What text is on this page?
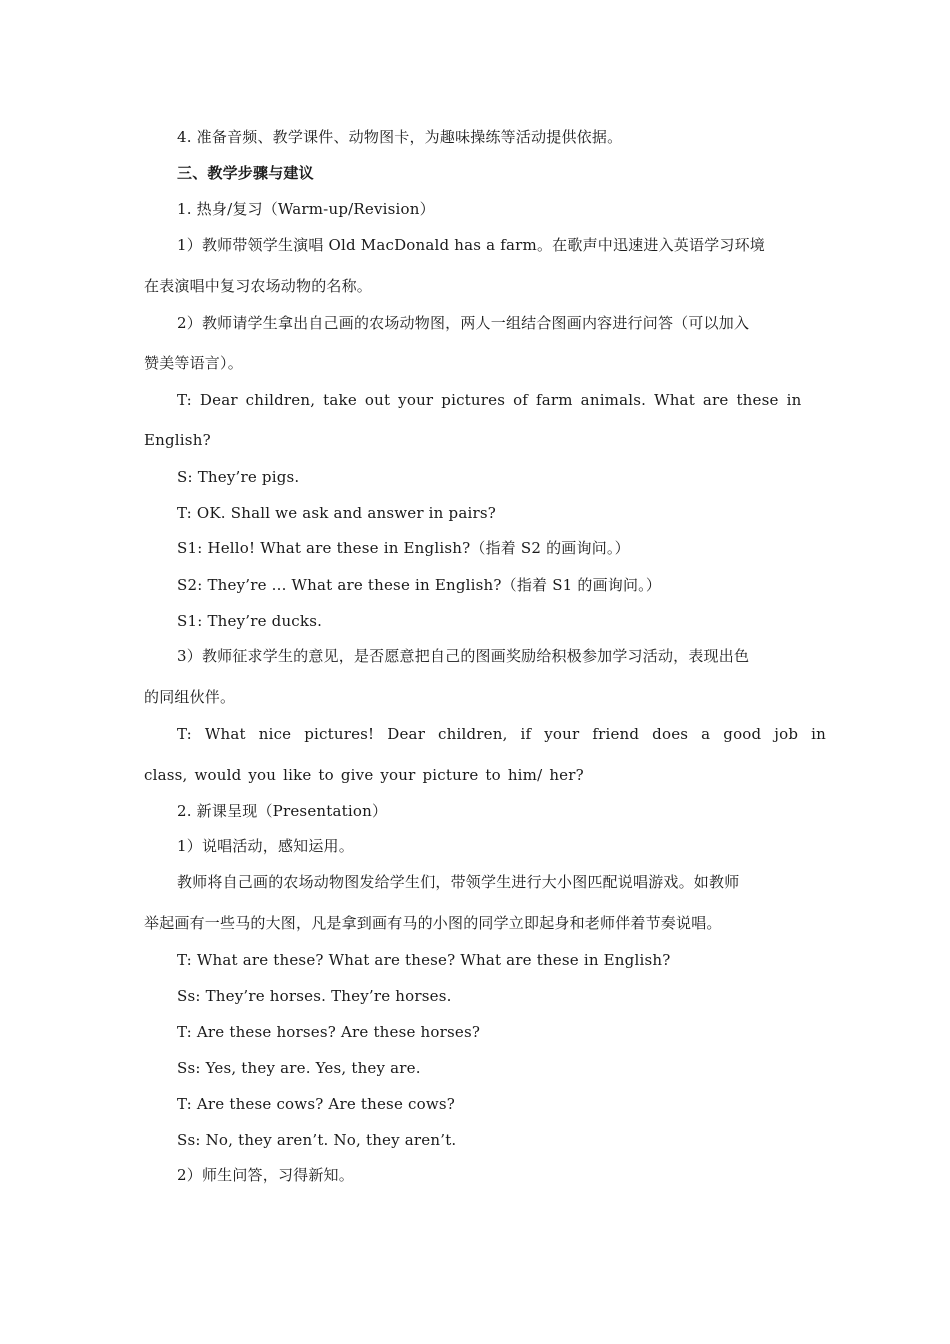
4. 准备音频、教学课件、动物图卡，为趣味操练等活动提供依据。
三、教学步骤与建议
1. 热身/复习（Warm-up/Revision）
1）教师带领学生演唱 Old MacDonald has a farm。在歌声中迅速进入英语学习环境
在表演唱中复习农场动物的名称。
2）教师请学生拿出自己画的农场动物图，两人一组结合图画内容进行问答（可以加入
赞美等语言）。
T: Dear children, take out your pictures of farm animals. What are these in
English?
S: They’re pigs.
T: OK. Shall we ask and answer in pairs?
S1: Hello! What are these in English?（指着 S2 的画询问。）
S2: They’re ... What are these in English?（指着 S1 的画询问。）
S1: They’re ducks.
3）教师征求学生的意见，是否愿意把自己的图画奖励给积极参加学习活动，表现出色
的同组伙伴。
T: What nice pictures! Dear children, if your friend does a good job in
class, would you like to give your picture to him/ her?
2. 新课呈现（Presentation）
1）说唱活动，感知运用。
教师将自己画的农场动物图发给学生们，带领学生进行大小图匹配说唱游戏。如教师
举起画有一些马的大图，凡是拿到画有马的小图的同学立即起身和老师伴着节奏说唱。
T: What are these? What are these? What are these in English?
Ss: They’re horses. They’re horses.
T: Are these horses? Are these horses?
Ss: Yes, they are. Yes, they are.
T: Are these cows? Are these cows?
Ss: No, they aren’t. No, they aren’t.
2）师生问答，习得新知。
